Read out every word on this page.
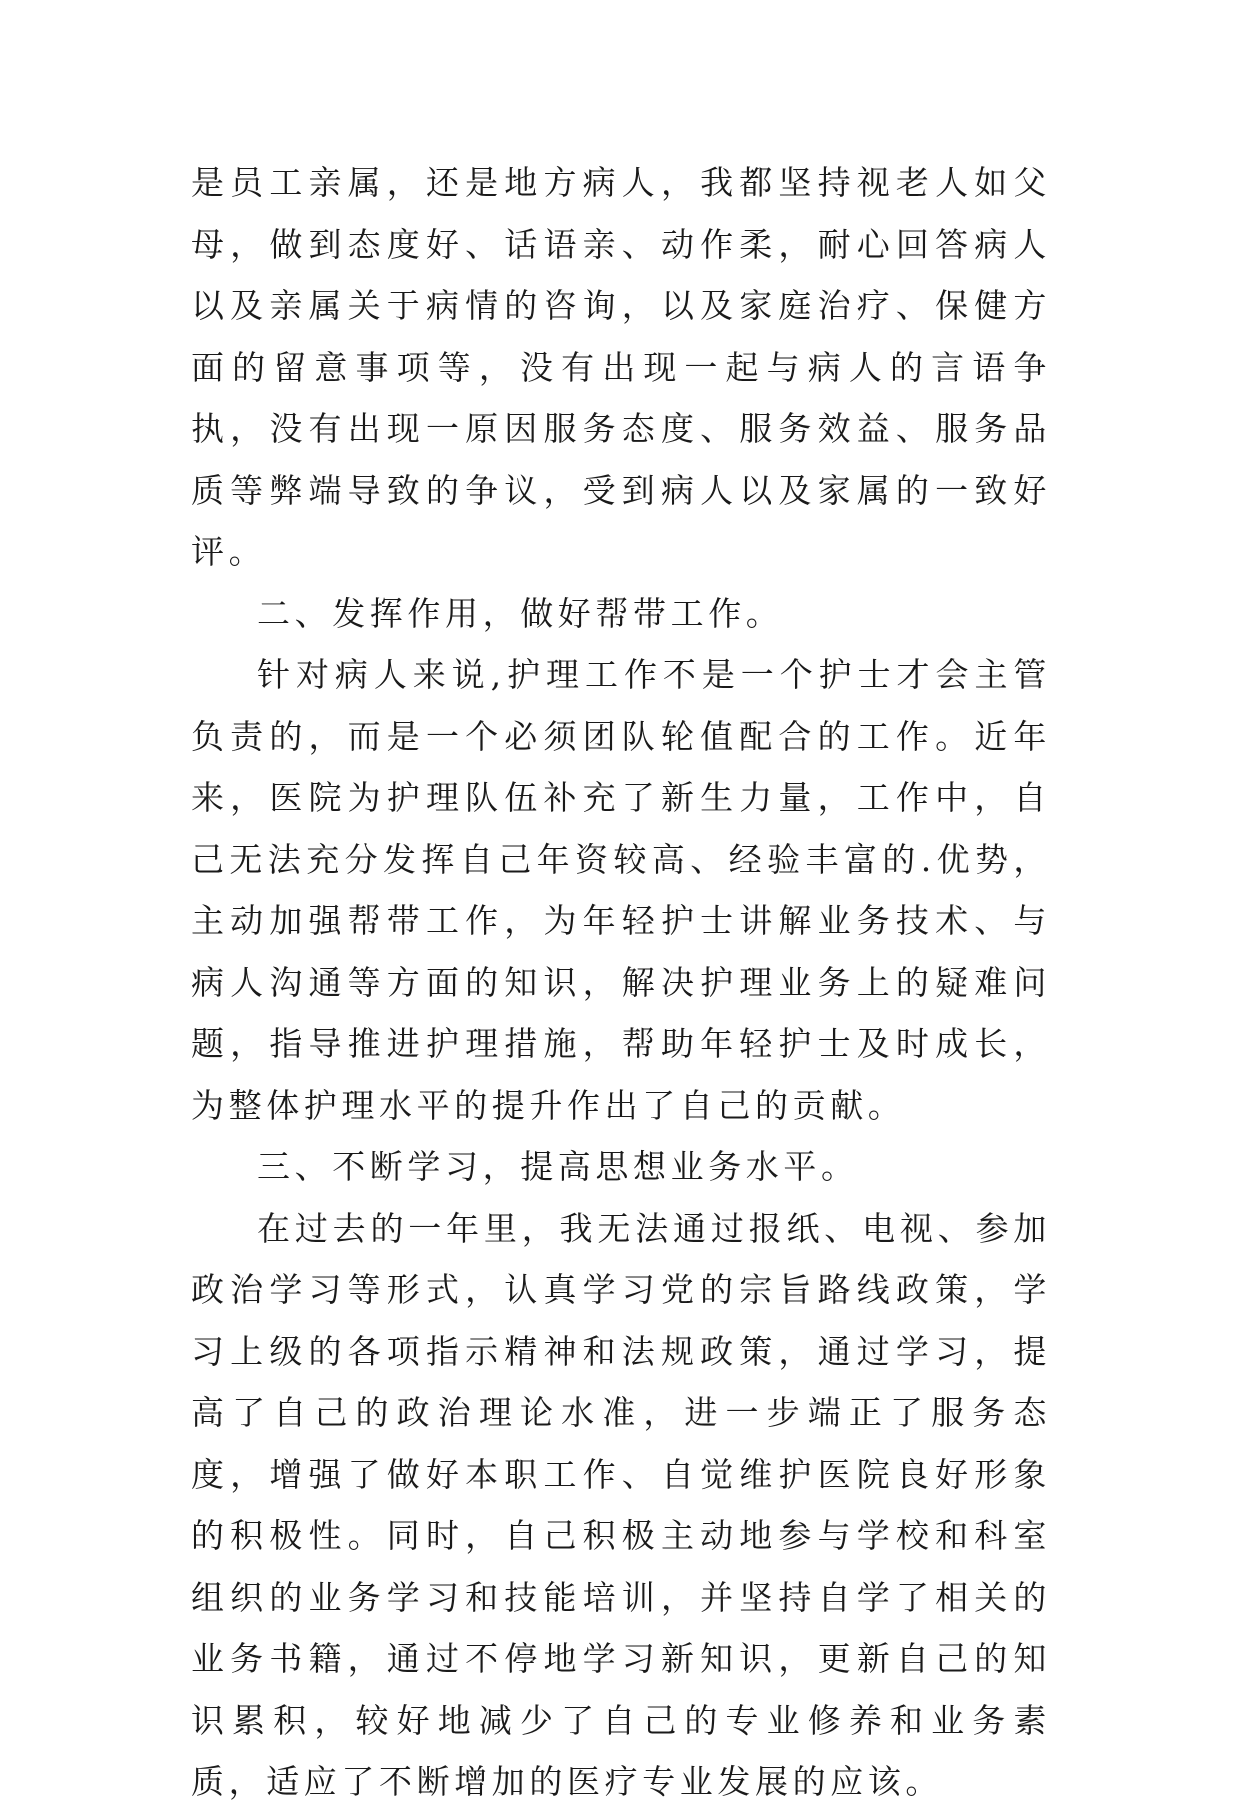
是员工亲属，还是地方病人，我都坚持视老人如父母，做到态度好、话语亲、动作柔，耐心回答病人以及亲属关于病情的咨询，以及家庭治疗、保健方面的留意事项等，没有出现一起与病人的言语争执，没有出现一原因服务态度、服务效益、服务品质等弊端导致的争议，受到病人以及家属的一致好评。

二、发挥作用，做好帮带工作。

针对病人来说,护理工作不是一个护士才会主管负责的，而是一个必须团队轮值配合的工作。近年来，医院为护理队伍补充了新生力量，工作中，自己无法充分发挥自己年资较高、经验丰富的.优势，主动加强帮带工作，为年轻护士讲解业务技术、与病人沟通等方面的知识，解决护理业务上的疑难问题，指导推进护理措施，帮助年轻护士及时成长，为整体护理水平的提升作出了自己的贡献。

三、不断学习，提高思想业务水平。

在过去的一年里，我无法通过报纸、电视、参加政治学习等形式，认真学习党的宗旨路线政策，学习上级的各项指示精神和法规政策，通过学习，提高了自己的政治理论水准，进一步端正了服务态度，增强了做好本职工作、自觉维护医院良好形象的积极性。同时，自己积极主动地参与学校和科室组织的业务学习和技能培训，并坚持自学了相关的业务书籍，通过不停地学习新知识，更新自己的知识累积，较好地减少了自己的专业修养和业务素质，适应了不断增加的医疗专业发展的应该。
